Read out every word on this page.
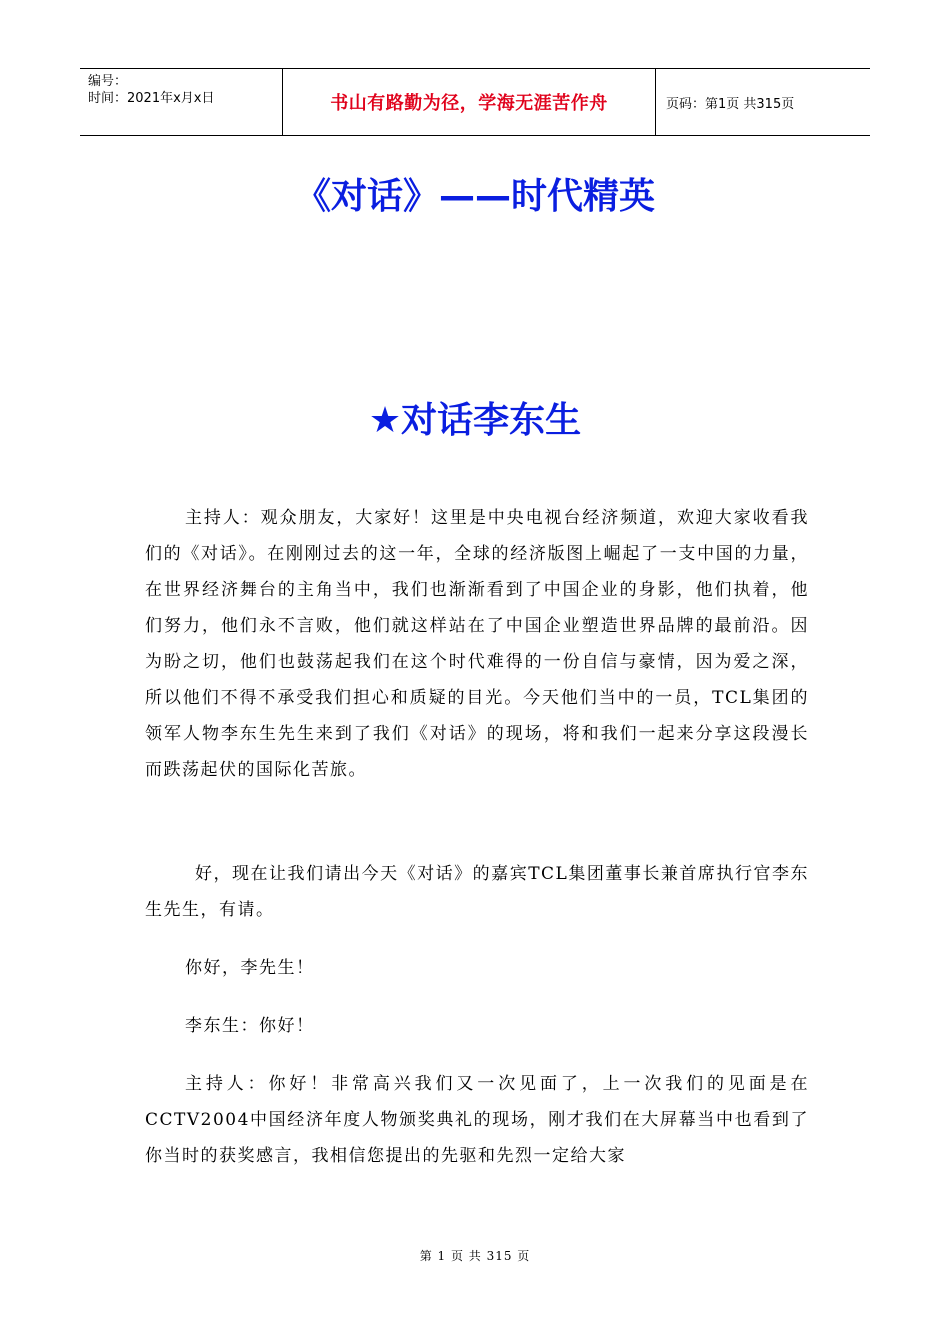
编号：
时间：2021年x月x日	书山有路勤为径，学海无涯苦作舟	页码：第1页 共315页
《对话》——时代精英
★对话李东生
主持人：观众朋友，大家好！这里是中央电视台经济频道，欢迎大家收看我们的《对话》。在刚刚过去的这一年，全球的经济版图上崛起了一支中国的力量，在世界经济舞台的主角当中，我们也渐渐看到了中国企业的身影，他们执着，他们努力，他们永不言败，他们就这样站在了中国企业塑造世界品牌的最前沿。因为盼之切，他们也鼓荡起我们在这个时代难得的一份自信与豪情，因为爱之深，所以他们不得不承受我们担心和质疑的目光。今天他们当中的一员，TCL集团的领军人物李东生先生来到了我们《对话》的现场，将和我们一起来分享这段漫长而跌荡起伏的国际化苦旅。
好，现在让我们请出今天《对话》的嘉宾TCL集团董事长兼首席执行官李东生先生，有请。
你好，李先生！
李东生：你好！
主持人：你好！非常高兴我们又一次见面了，上一次我们的见面是在CCTV2004中国经济年度人物颁奖典礼的现场，刚才我们在大屏幕当中也看到了你当时的获奖感言，我相信您提出的先驱和先烈一定给大家
第 1 页 共 315 页
